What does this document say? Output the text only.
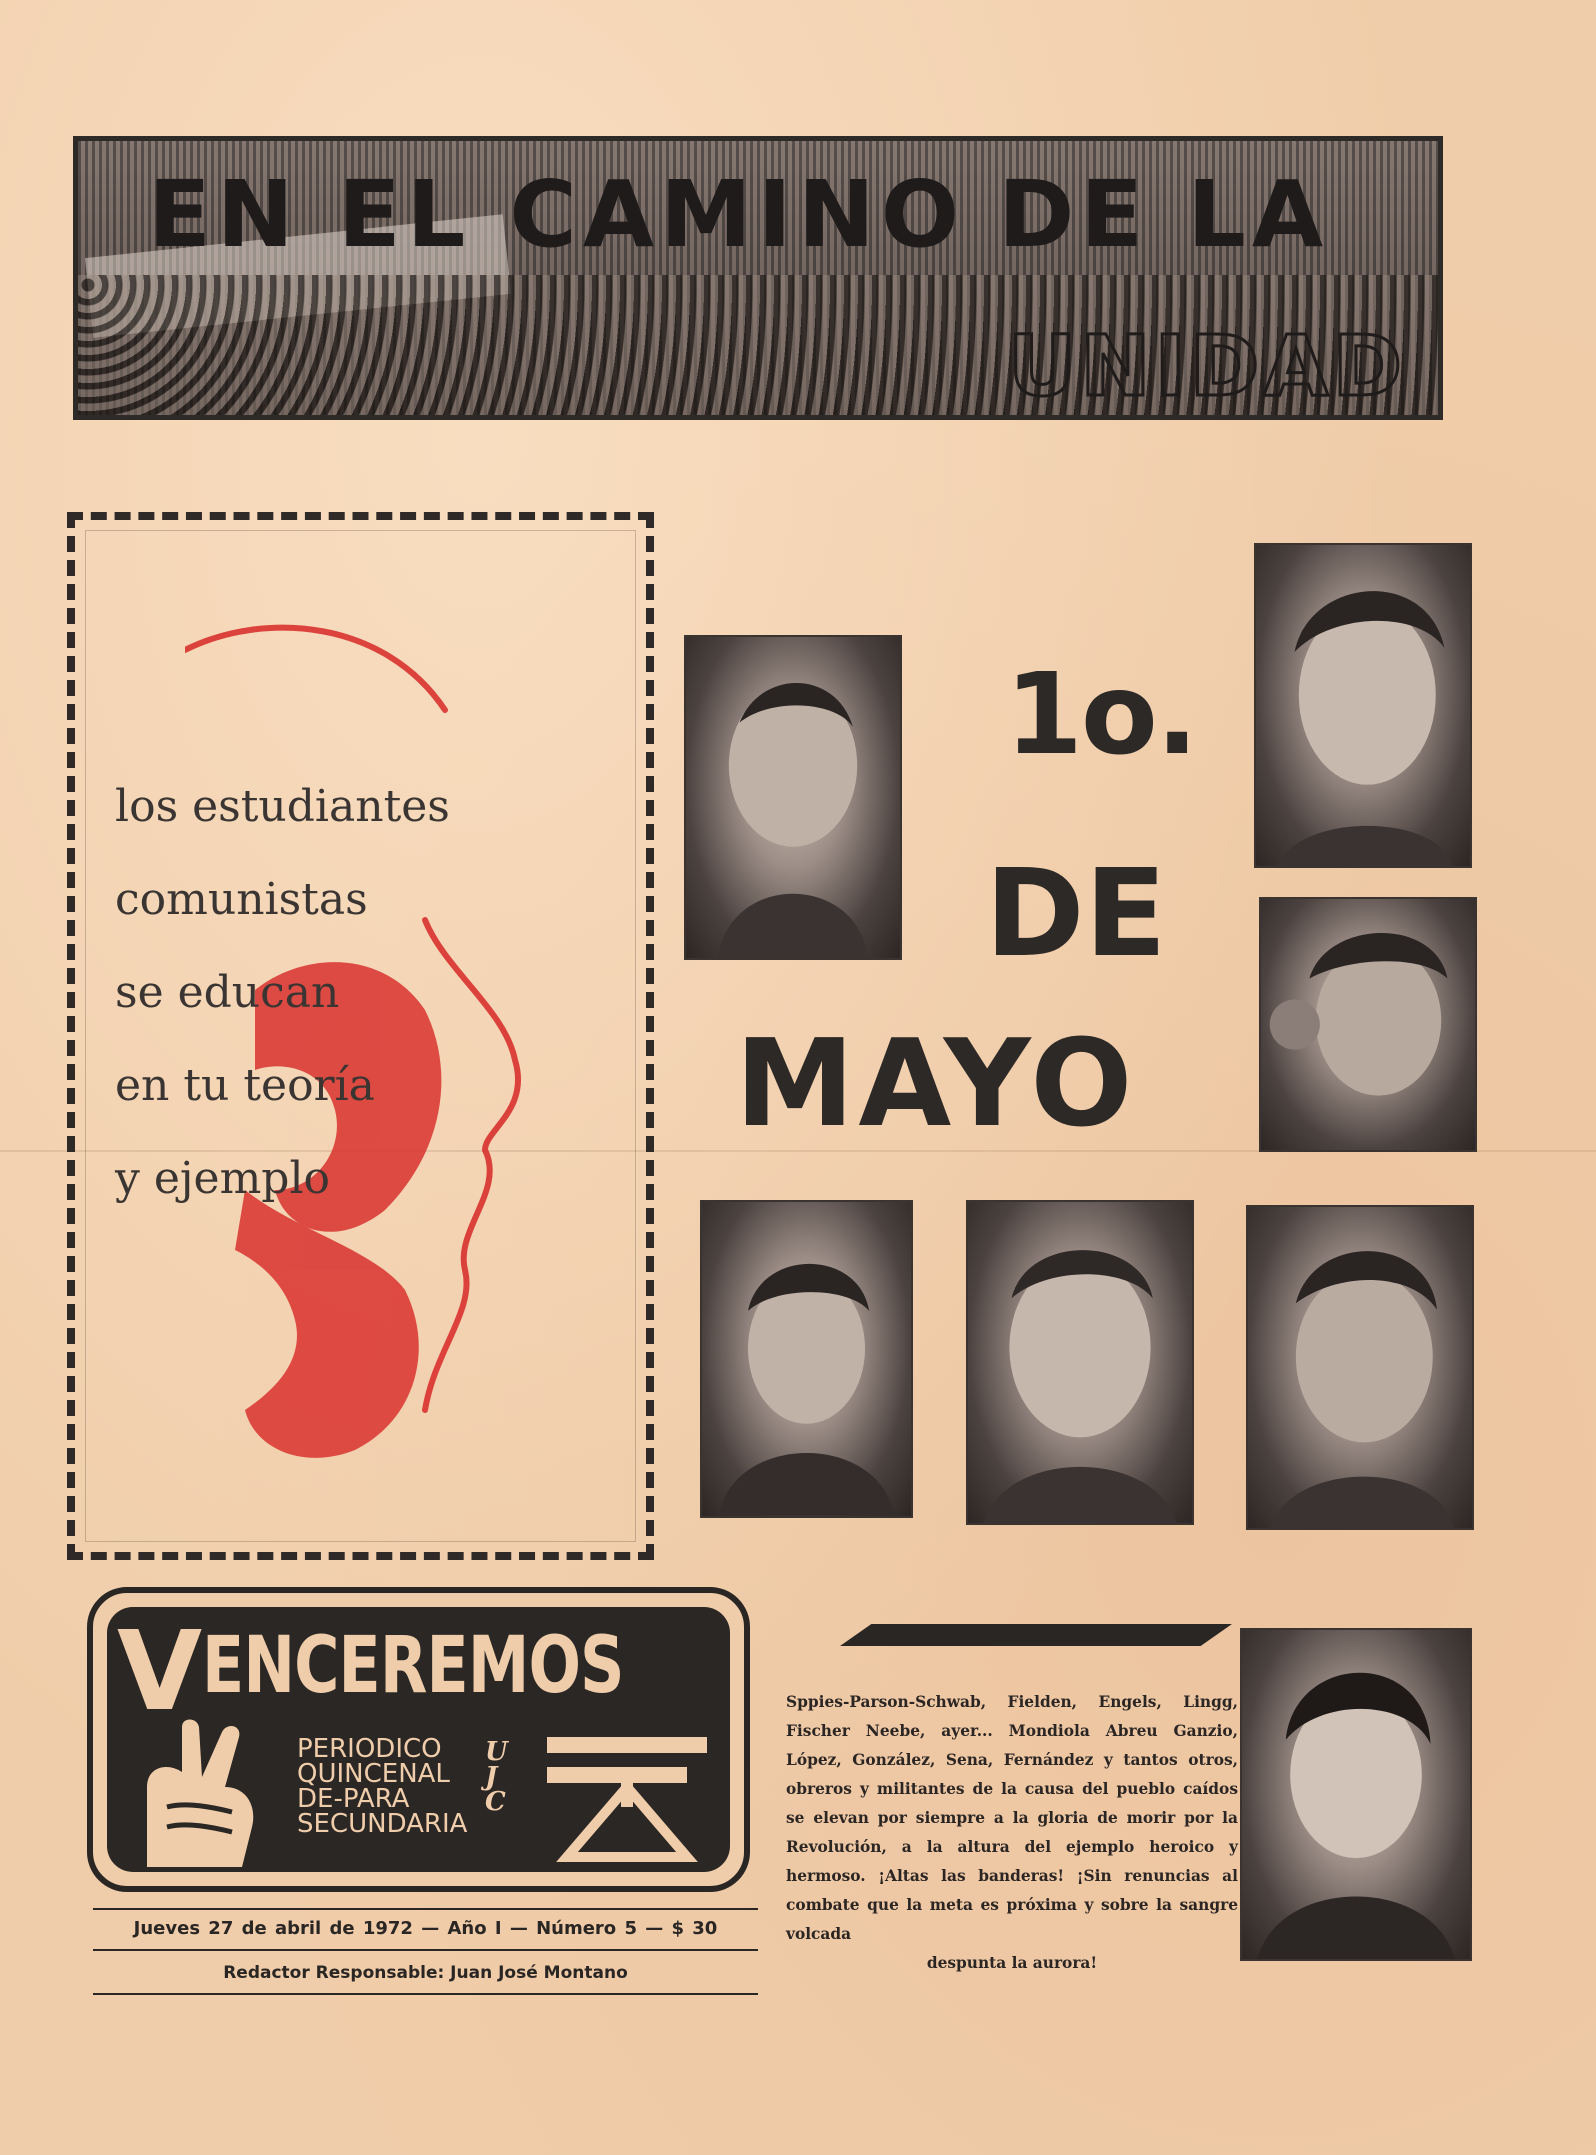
EN EL CAMINO DE LA
UNIDAD
los estudiantes
comunistas
se educan
en tu teoría
y ejemplo
1o.
DE
MAYO
V ENCEREMOS
PERIODICO
QUINCENAL
DE-PARA
SECUNDARIA
U
J
C
Jueves 27 de abril de 1972 — Año I — Número 5 — $ 30
Redactor Responsable: Juan José Montano
Sppies-Parson-Schwab, Fielden, Engels, Lingg, Fischer Neebe, ayer... Mondiola Abreu Ganzio, López, González, Sena, Fernández y tantos otros, obreros y militantes de la causa del pueblo caídos se elevan por siempre a la gloria de morir por la Revolución, a la altura del ejemplo heroico y hermoso. ¡Altas las banderas! ¡Sin renuncias al combate que la meta es próxima y sobre la sangre volcada
despunta la aurora!
